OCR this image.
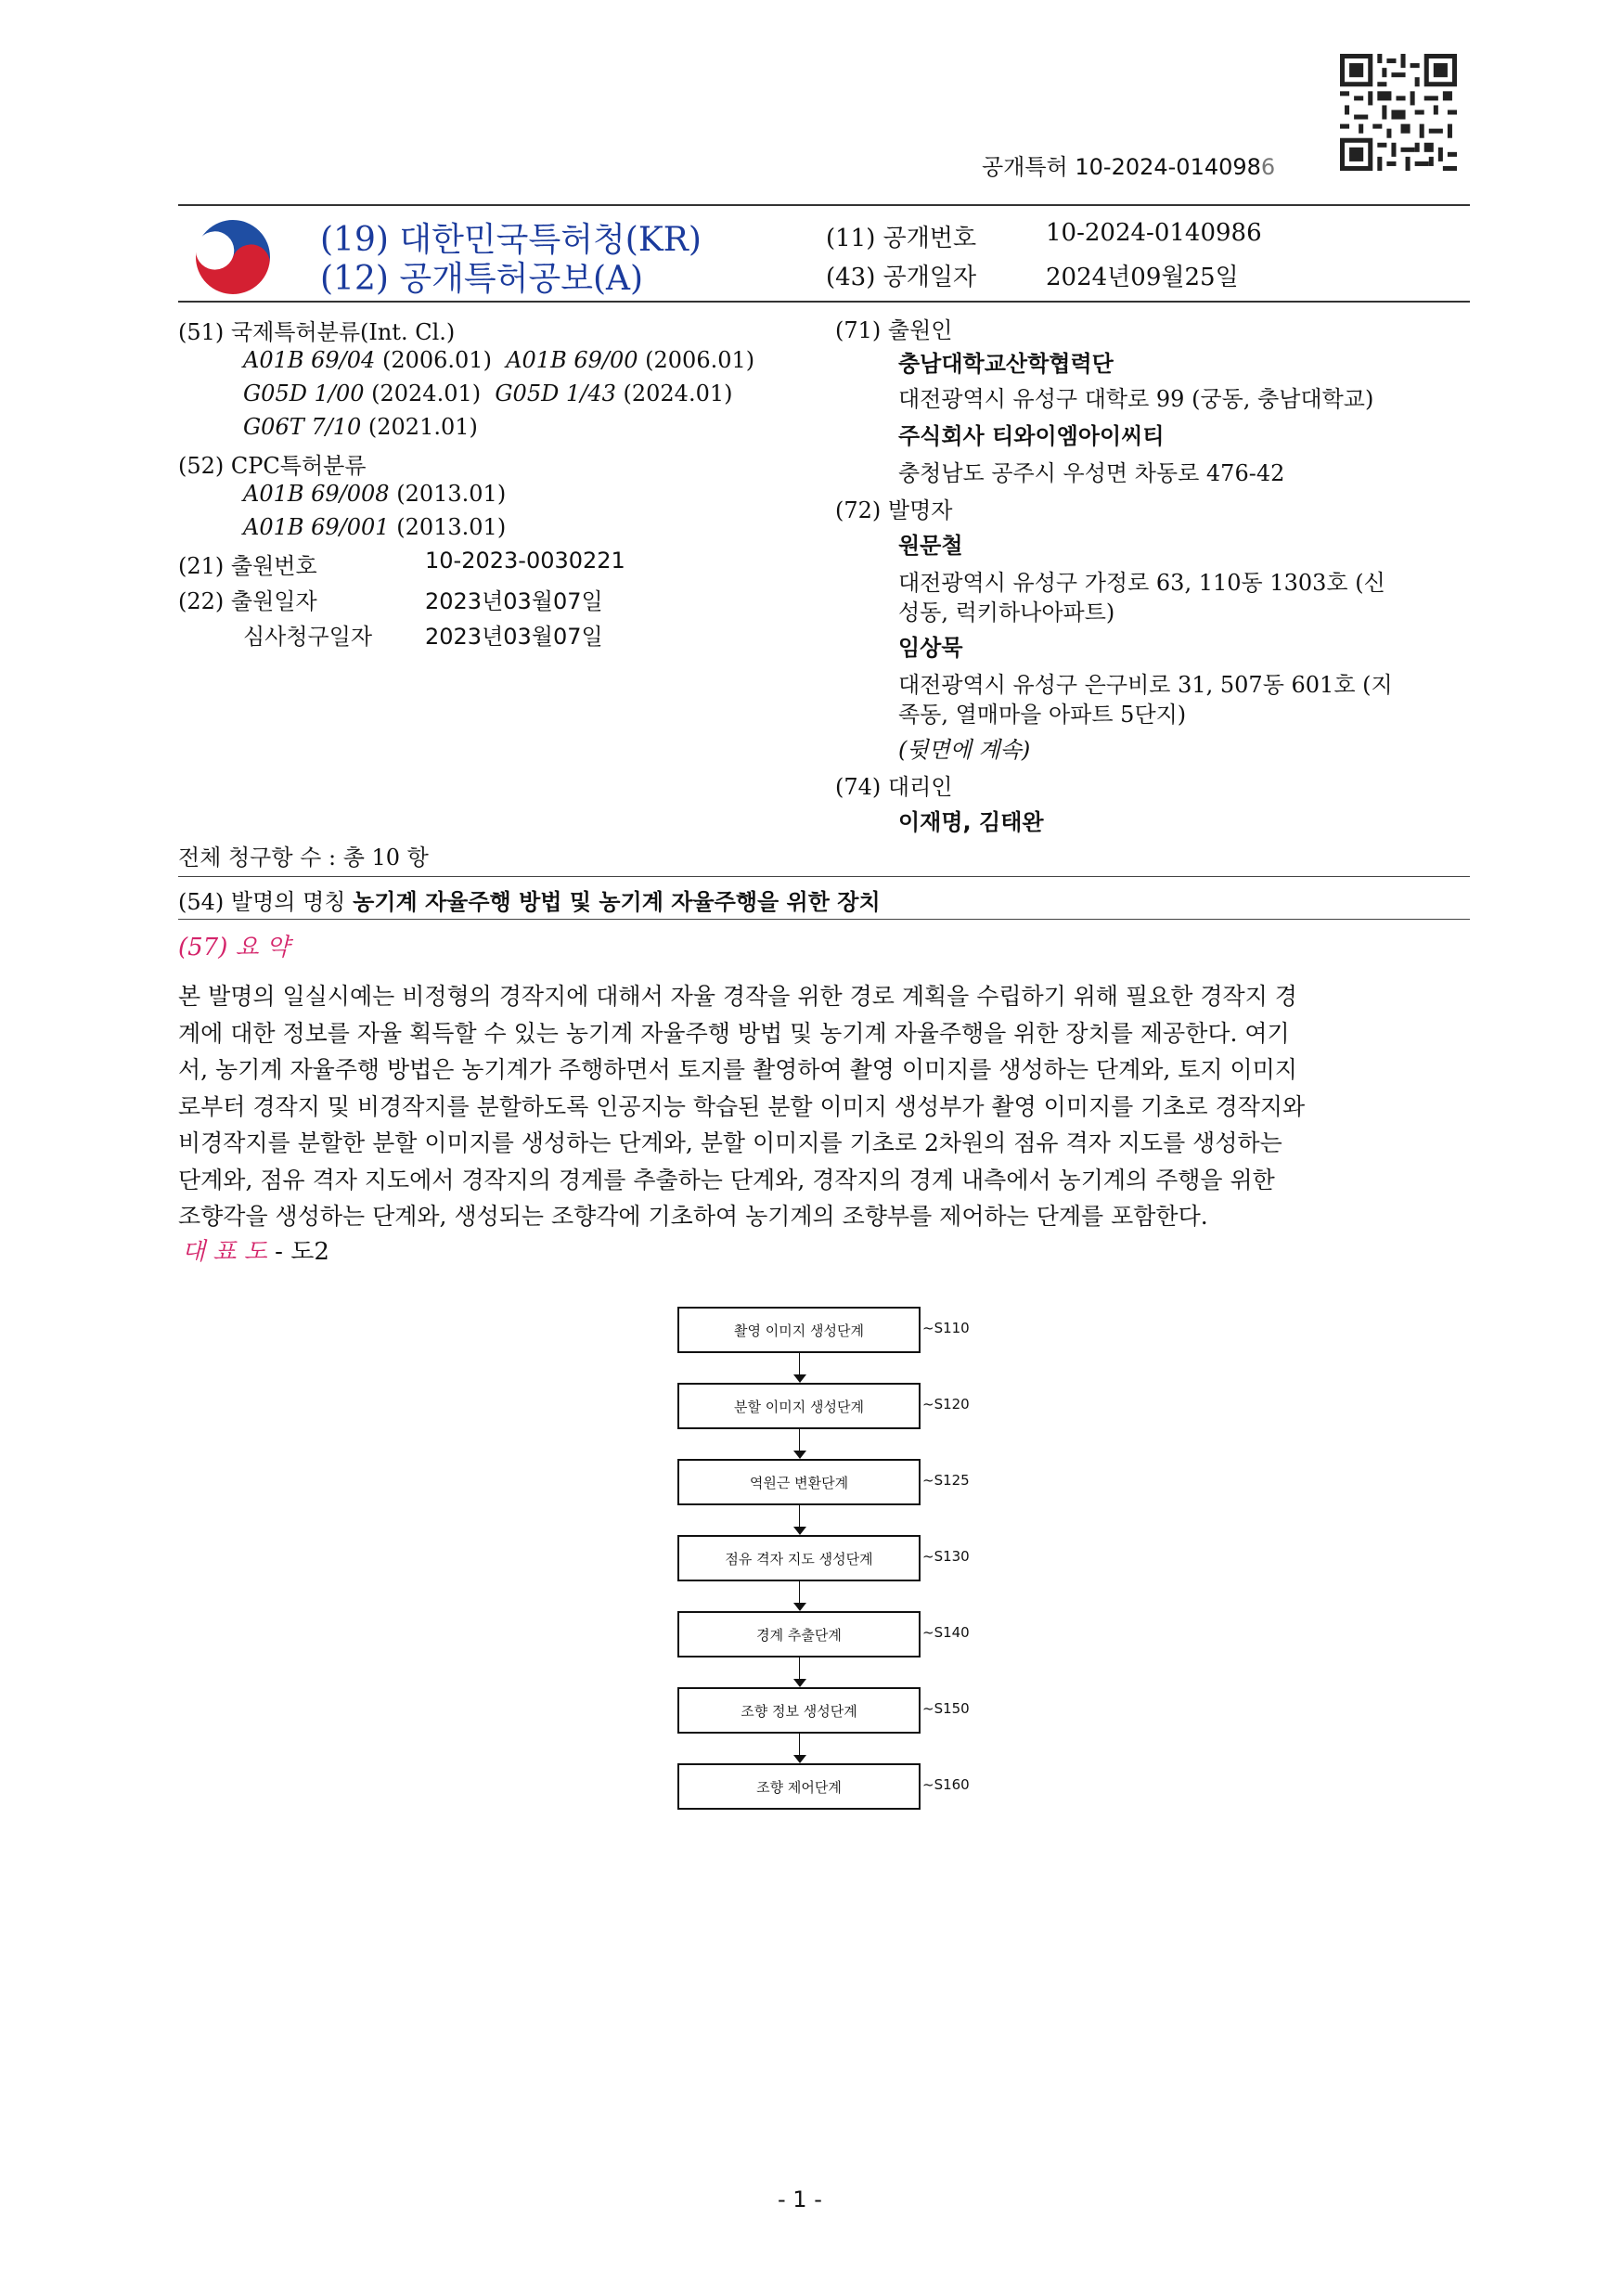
공개특허 10-2024-0140986
(19) 대한민국특허청(KR)
(12) 공개특허공보(A)
(11) 공개번호	10-2024-0140986
(43) 공개일자	2024년09월25일
(51) 국제특허분류(Int. Cl.)
A01B 69/04 (2006.01) A01B 69/00 (2006.01)
G05D 1/00 (2024.01) G05D 1/43 (2024.01)
G06T 7/10 (2021.01)
(52) CPC특허분류
A01B 69/008 (2013.01)
A01B 69/001 (2013.01)
(21) 출원번호	10-2023-0030221
(22) 출원일자	2023년03월07일
심사청구일자 2023년03월07일
(71) 출원인
충남대학교산학협력단
대전광역시 유성구 대학로 99 (궁동, 충남대학교)
주식회사 티와이엠아이씨티
충청남도 공주시 우성면 차동로 476-42
(72) 발명자
원문철
대전광역시 유성구 가정로 63, 110동 1303호 (신
성동, 럭키하나아파트)
임상묵
대전광역시 유성구 은구비로 31, 507동 601호 (지
족동, 열매마을 아파트 5단지)
(뒷면에 계속)
(74) 대리인
이재명, 김태완
전체 청구항 수 : 총 10 항
(54) 발명의 명칭 농기계 자율주행 방법 및 농기계 자율주행을 위한 장치
(57) 요 약
본 발명의 일실시예는 비정형의 경작지에 대해서 자율 경작을 위한 경로 계획을 수립하기 위해 필요한 경작지 경
계에 대한 정보를 자율 획득할 수 있는 농기계 자율주행 방법 및 농기계 자율주행을 위한 장치를 제공한다. 여기
서, 농기계 자율주행 방법은 농기계가 주행하면서 토지를 촬영하여 촬영 이미지를 생성하는 단계와, 토지 이미지
로부터 경작지 및 비경작지를 분할하도록 인공지능 학습된 분할 이미지 생성부가 촬영 이미지를 기초로 경작지와
비경작지를 분할한 분할 이미지를 생성하는 단계와, 분할 이미지를 기초로 2차원의 점유 격자 지도를 생성하는
단계와, 점유 격자 지도에서 경작지의 경계를 추출하는 단계와, 경작지의 경계 내측에서 농기계의 주행을 위한
조향각을 생성하는 단계와, 생성되는 조향각에 기초하여 농기계의 조향부를 제어하는 단계를 포함한다.
대 표 도 - 도2
촬영 이미지 생성단계	~S110
분할 이미지 생성단계	~S120
역원근 변환단계	~S125
점유 격자 지도 생성단계	~S130
경계 추출단계	~S140
조향 정보 생성단계	~S150
조향 제어단계	~S160
- 1 -
